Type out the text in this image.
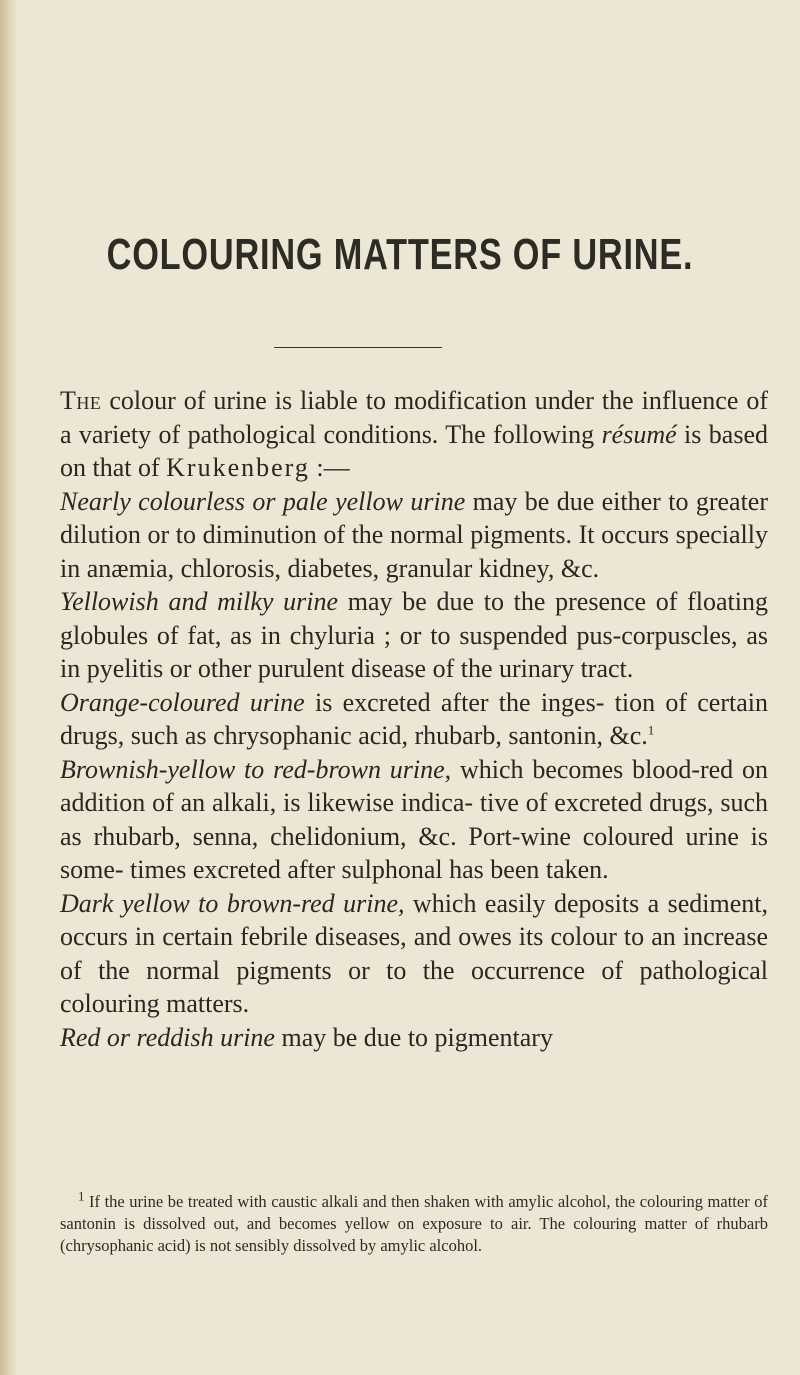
COLOURING MATTERS OF URINE.

The colour of urine is liable to modification under the influence of a variety of pathological conditions. The following résumé is based on that of Krukenberg :—

Nearly colourless or pale yellow urine may be due either to greater dilution or to diminution of the normal pigments. It occurs specially in anæmia, chlorosis, diabetes, granular kidney, &c.

Yellowish and milky urine may be due to the presence of floating globules of fat, as in chyluria ; or to suspended pus-corpuscles, as in pyelitis or other purulent disease of the urinary tract.

Orange-coloured urine is excreted after the inges- tion of certain drugs, such as chrysophanic acid, rhubarb, santonin, &c.$^1$

Brownish-yellow to red-brown urine, which becomes blood-red on addition of an alkali, is likewise indica- tive of excreted drugs, such as rhubarb, senna, chelidonium, &c. Port-wine coloured urine is some- times excreted after sulphonal has been taken.

Dark yellow to brown-red urine, which easily deposits a sediment, occurs in certain febrile diseases, and owes its colour to an increase of the normal pigments or to the occurrence of pathological colouring matters.

Red or reddish urine may be due to pigmentary

$^1$ If the urine be treated with caustic alkali and then shaken with amylic alcohol, the colouring matter of santonin is dissolved out, and becomes yellow on exposure to air. The colouring matter of rhubarb (chrysophanic acid) is not sensibly dissolved by amylic alcohol.
